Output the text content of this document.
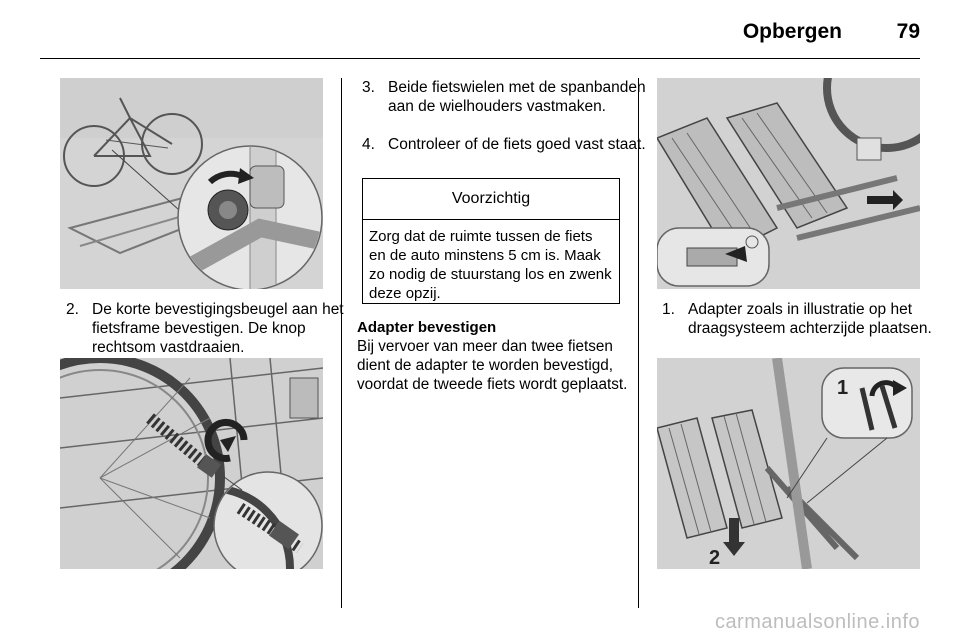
Opbergen	79
2. De korte bevestigingsbeugel aan het fietsframe bevestigen. De knop rechtsom vastdraaien.
3. Beide fietswielen met de spanbanden aan de wielhouders vastmaken.
4. Controleer of de fiets goed vast staat.
Voorzichtig
Zorg dat de ruimte tussen de fiets en de auto minstens 5 cm is. Maak zo nodig de stuurstang los en zwenk deze opzij.
Adapter bevestigen
Bij vervoer van meer dan twee fietsen dient de adapter te worden bevestigd, voordat de tweede fiets wordt geplaatst.
1. Adapter zoals in illustratie op het draagsysteem achterzijde plaatsen.
1
2
carmanualsonline.info
